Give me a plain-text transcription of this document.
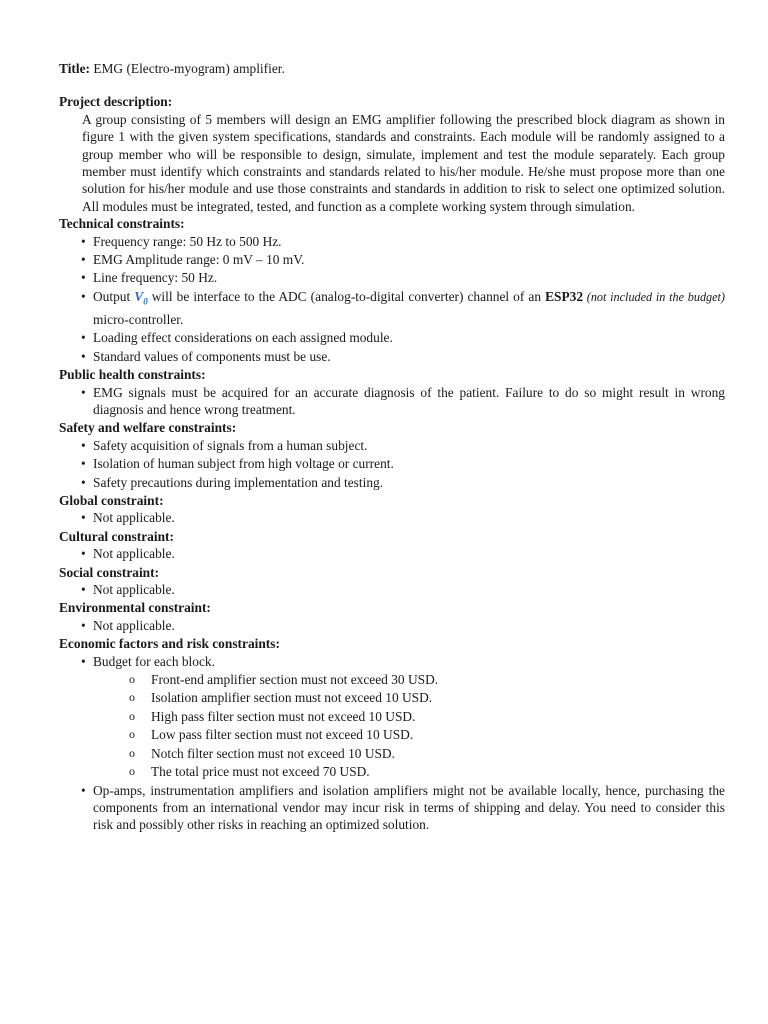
Title: EMG (Electro-myogram) amplifier.

Project description:

A group consisting of 5 members will design an EMG amplifier following the prescribed block diagram as shown in figure 1 with the given system specifications, standards and constraints. Each module will be randomly assigned to a group member who will be responsible to design, simulate, implement and test the module separately. Each group member must identify which constraints and standards related to his/her module. He/she must propose more than one solution for his/her module and use those constraints and standards in addition to risk to select one optimized solution. All modules must be integrated, tested, and function as a complete working system through simulation.

Technical constraints:

• Frequency range: 50 Hz to 500 Hz.
• EMG Amplitude range: 0 mV – 10 mV.
• Line frequency: 50 Hz.
• Output $V_0$ will be interface to the ADC (analog-to-digital converter) channel of an ESP32 (not included in the budget) micro-controller.
• Loading effect considerations on each assigned module.
• Standard values of components must be use.

Public health constraints:

• EMG signals must be acquired for an accurate diagnosis of the patient. Failure to do so might result in wrong diagnosis and hence wrong treatment.

Safety and welfare constraints:

• Safety acquisition of signals from a human subject.
• Isolation of human subject from high voltage or current.
• Safety precautions during implementation and testing.

Global constraint:

• Not applicable.

Cultural constraint:

• Not applicable.

Social constraint:

• Not applicable.

Environmental constraint:

• Not applicable.

Economic factors and risk constraints:

• Budget for each block.
o Front-end amplifier section must not exceed 30 USD.
o Isolation amplifier section must not exceed 10 USD.
o High pass filter section must not exceed 10 USD.
o Low pass filter section must not exceed 10 USD.
o Notch filter section must not exceed 10 USD.
o The total price must not exceed 70 USD.
• Op-amps, instrumentation amplifiers and isolation amplifiers might not be available locally, hence, purchasing the components from an international vendor may incur risk in terms of shipping and delay. You need to consider this risk and possibly other risks in reaching an optimized solution.
